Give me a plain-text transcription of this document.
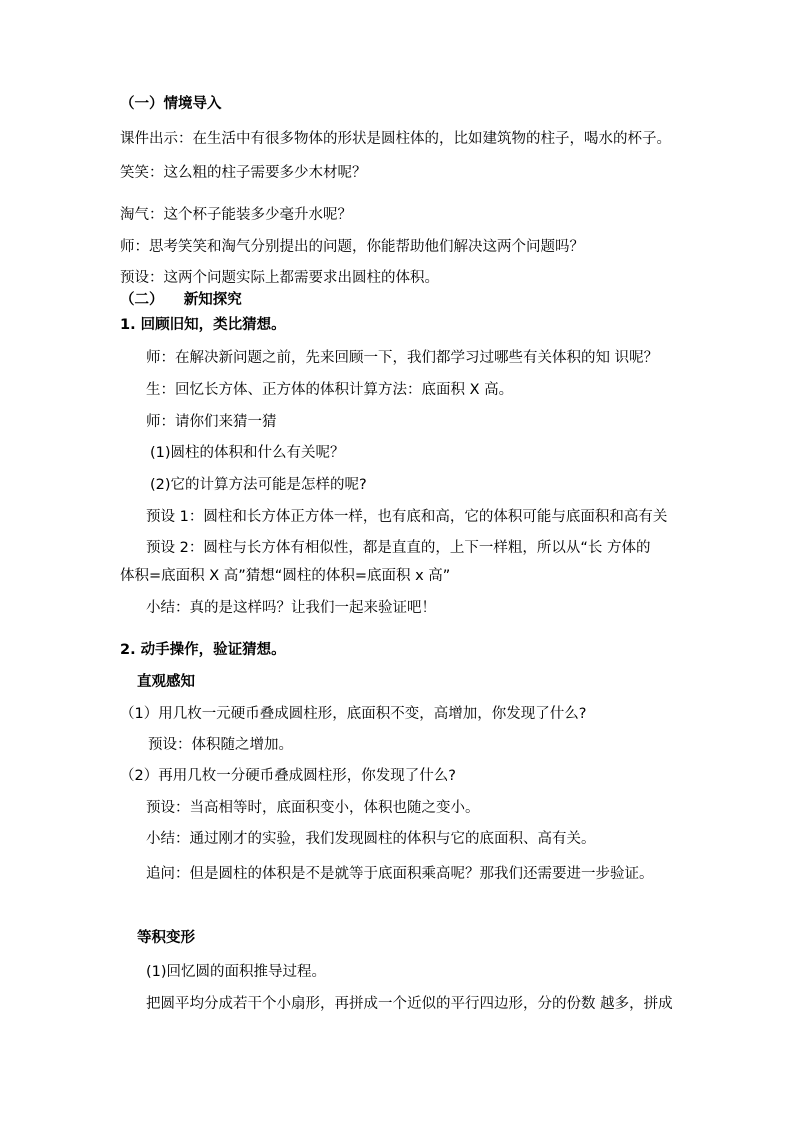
（一）情境导入
课件出示：在生活中有很多物体的形状是圆柱体的，比如建筑物的柱子，喝水的杯子。
笑笑：这么粗的柱子需要多少木材呢？
淘气：这个杯子能装多少毫升水呢？
师：思考笑笑和淘气分别提出的问题，你能帮助他们解决这两个问题吗？
预设：这两个问题实际上都需要求出圆柱的体积。
（二）    新知探究
1. 回顾旧知，类比猜想。
师：在解决新问题之前，先来回顾一下，我们都学习过哪些有关体积的知 识呢？
生：回忆长方体、正方体的体积计算方法：底面积 X 高。
师：请你们来猜一猜
(1)圆柱的体积和什么有关呢？
(2)它的计算方法可能是怎样的呢?
预设 1：圆柱和长方体正方体一样，也有底和高，它的体积可能与底面积和高有关
预设 2：圆柱与长方体有相似性，都是直直的，上下一样粗，所以从“长 方体的
体积=底面积 X 高”猜想“圆柱的体积=底面积 x 高”
小结：真的是这样吗？让我们一起来验证吧！
2. 动手操作，验证猜想。
直观感知
（1）用几枚一元硬币叠成圆柱形，底面积不变，高增加，你发现了什么?
预设：体积随之增加。
（2）再用几枚一分硬币叠成圆柱形，你发现了什么?
预设：当高相等时，底面积变小，体积也随之变小。
小结：通过刚才的实验，我们发现圆柱的体积与它的底面积、高有关。
追问：但是圆柱的体积是不是就等于底面积乘高呢？那我们还需要进一步验证。
等积变形
(1)回忆圆的面积推导过程。
把圆平均分成若干个小扇形，再拼成一个近似的平行四边形，分的份数 越多，拼成
